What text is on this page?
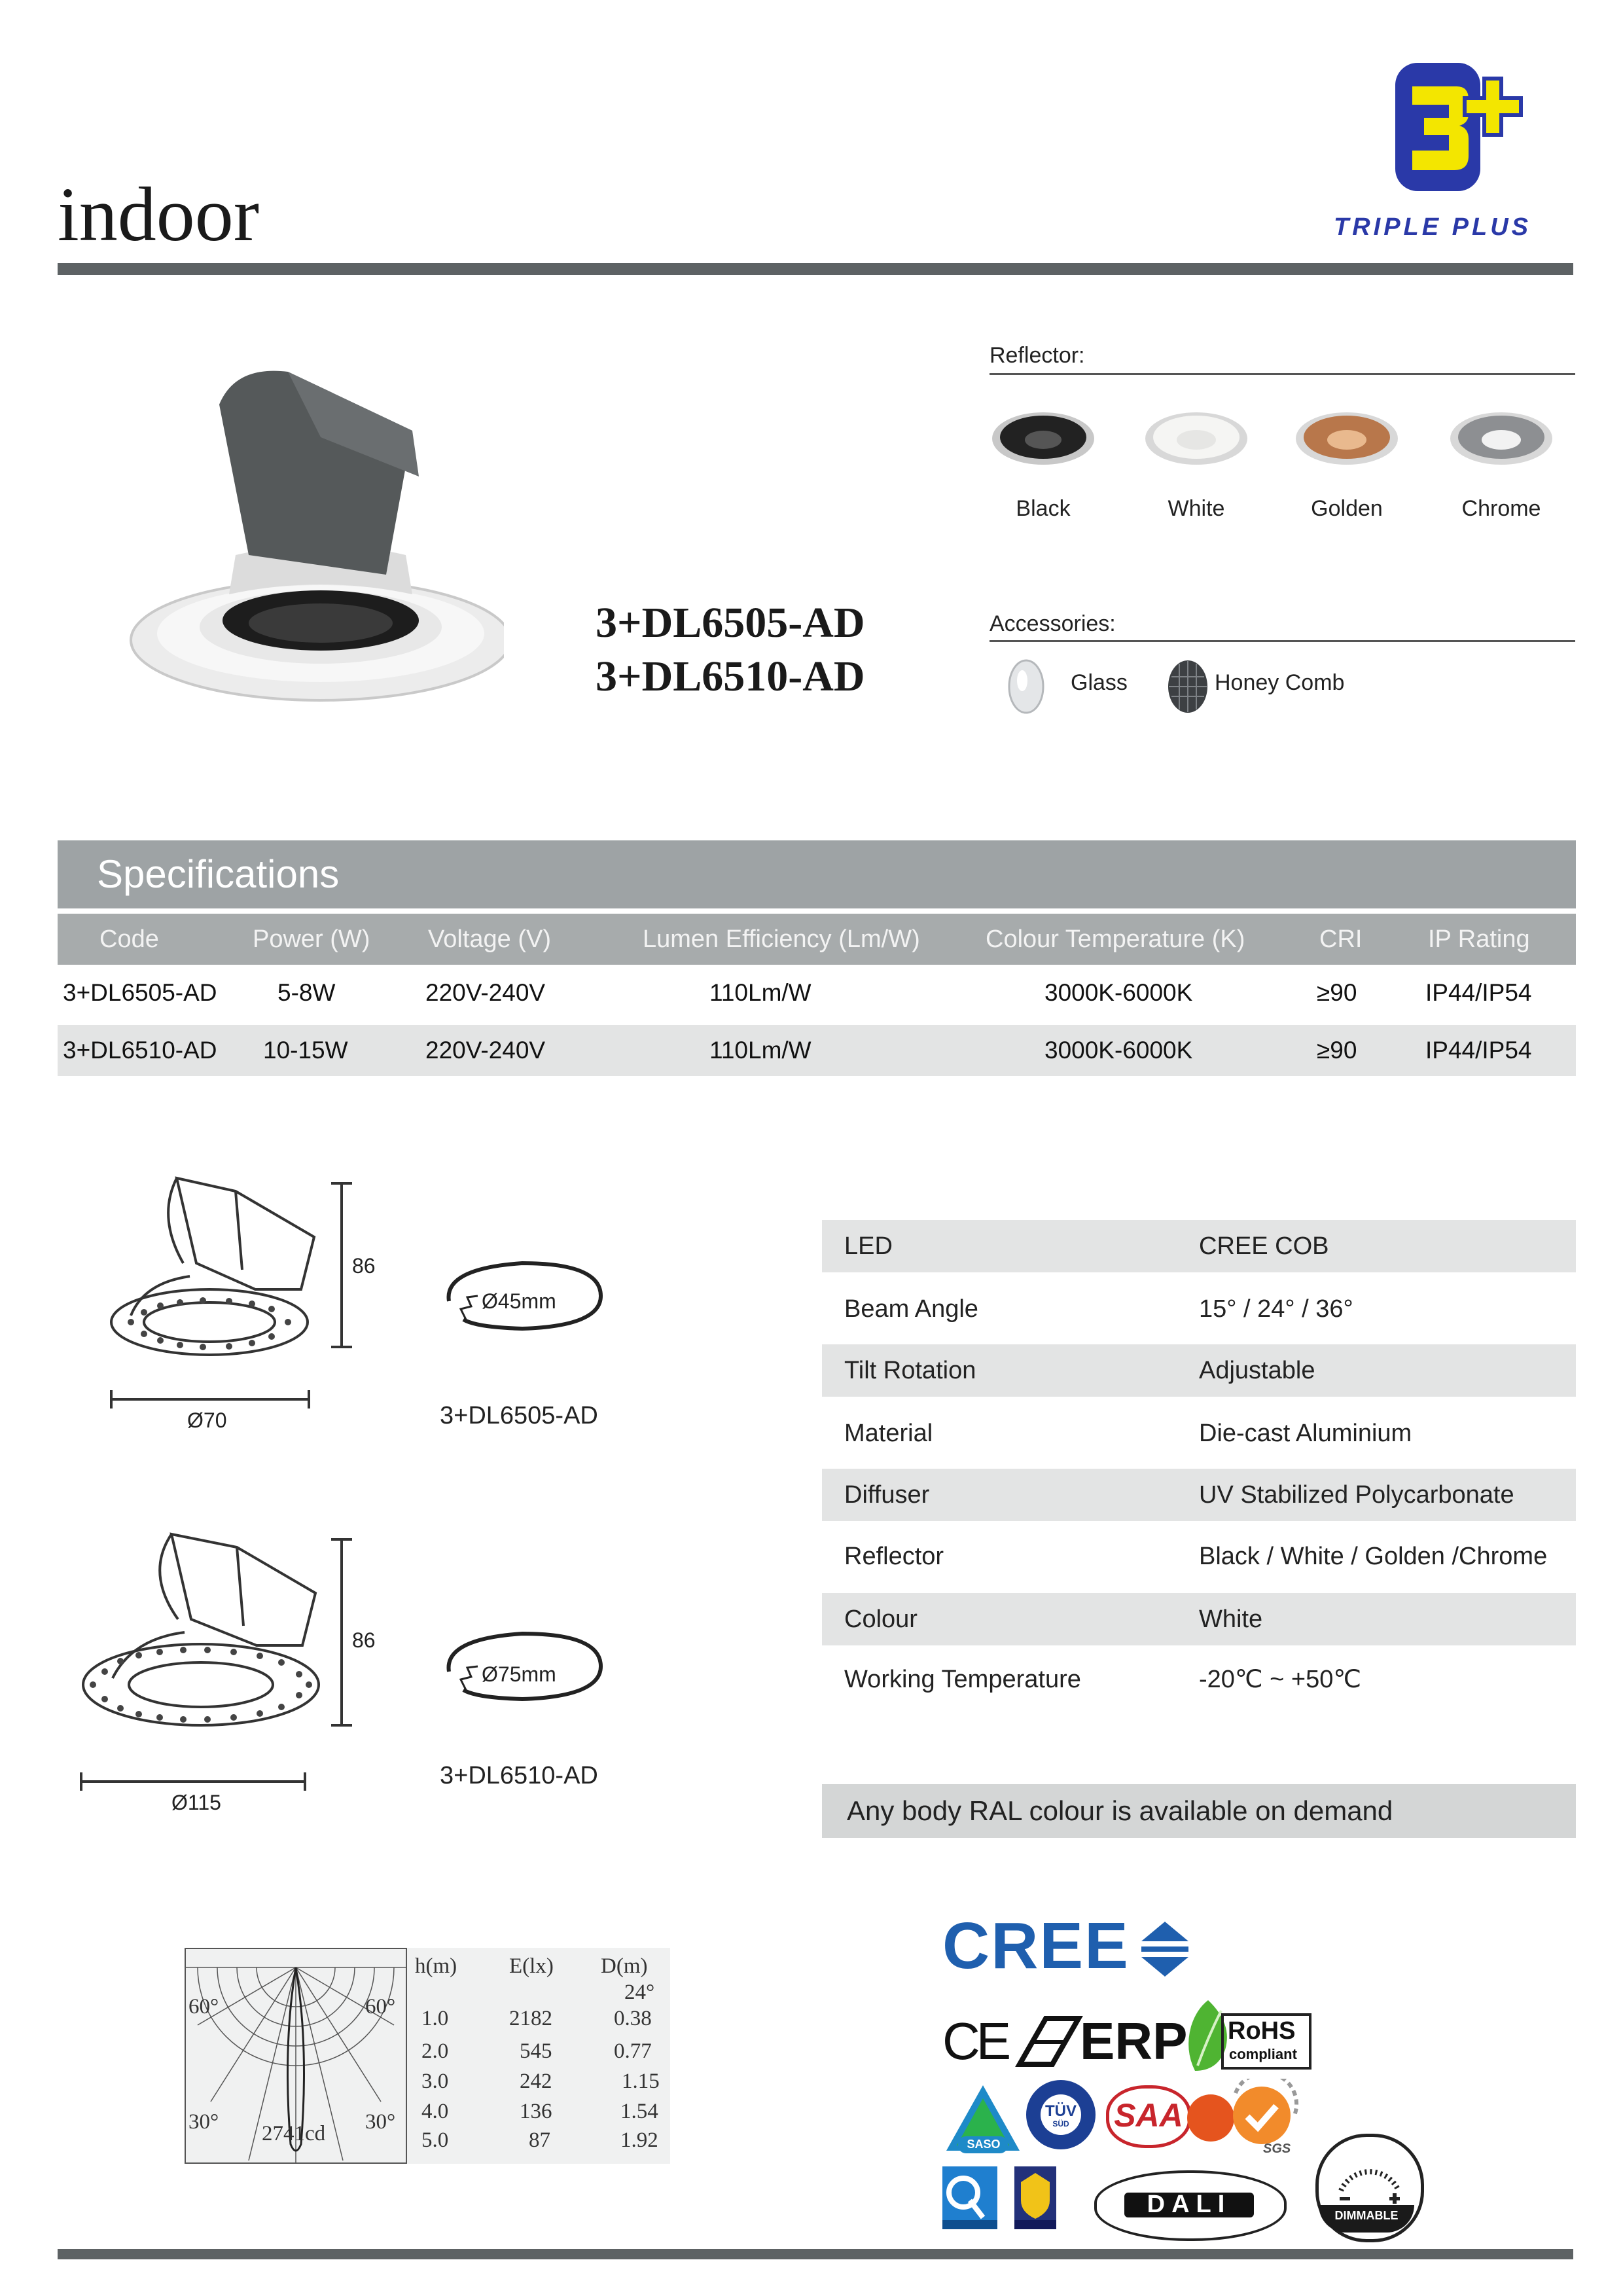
indoor	TRIPLE PLUS
3+DL6505-AD
3+DL6510-AD
Reflector:
Black	White	Golden	Chrome
Accessories:
Glass	Honey Comb
Specifications
Code	Power (W) Voltage (V)	Lumen Efficiency (Lm/W)	Colour Temperature (K)	CRI	IP Rating
3+DL6505-AD 5-8W	220V-240V	110Lm/W	3000K-6000K	≥90	IP44/IP54
3+DL6510-AD 10-15W	220V-240V	110Lm/W	3000K-6000K	≥90	IP44/IP54
86
Ø70
Ø45mm
3+DL6505-AD
86
Ø115
Ø75mm
3+DL6510-AD
LED	CREE COB
Beam Angle	15° / 24° / 36°
Tilt Rotation	Adjustable
Material	Die-cast Aluminium
Diffuser	UV Stabilized Polycarbonate
Reflector	Black / White / Golden /Chrome
Colour	White
Working Temperature	-20℃ ~ +50℃
Any body RAL colour is available on demand
60°	60°
30°	30°
2741cd
h(m) E(lx) D(m)
24°
1.0	2182	0.38
2.0	545	0.77
3.0	242	1.15
4.0	136	1.54
5.0	87	1.92
CREE
CE ERP RoHS
compliant
SASO
TÜV
SÜD	SAA
SGS
DALI	DIMMABLE
